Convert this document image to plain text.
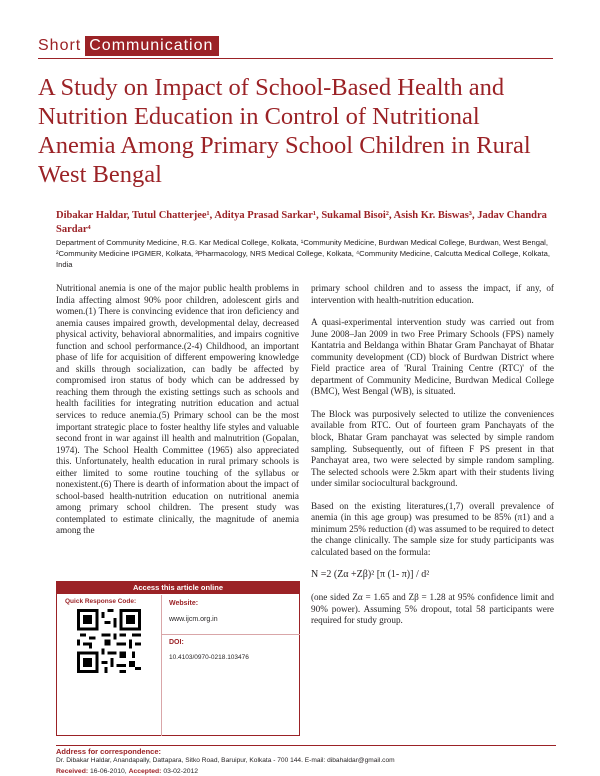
Short Communication
A Study on Impact of School-Based Health and Nutrition Education in Control of Nutritional Anemia Among Primary School Children in Rural West Bengal
Dibakar Haldar, Tutul Chatterjee¹, Aditya Prasad Sarkar¹, Sukamal Bisoi², Asish Kr. Biswas³, Jadav Chandra Sardar⁴
Department of Community Medicine, R.G. Kar Medical College, Kolkata, ¹Community Medicine, Burdwan Medical College, Burdwan, West Bengal, ²Community Medicine IPGMER, Kolkata, ³Pharmacology, NRS Medical College, Kolkata, ⁴Community Medicine, Calcutta Medical College, Kolkata, India

Nutritional anemia is one of the major public health problems in India affecting almost 90% poor children, adolescent girls and women.(1) There is convincing evidence that iron deficiency and anemia causes impaired growth, developmental delay, decreased physical activity, behavioral abnormalities, and impairs cognitive function and school performance.(2-4) Childhood, an important phase of life for acquisition of different empowering knowledge and skills through socialization, can badly be affected by compromised iron status of body which can be addressed by reaching them through the existing settings such as schools and health facilities for integrating nutrition education and actual services to reduce anemia.(5) Primary school can be the most important strategic place to foster healthy life styles and valuable second front in war against ill health and malnutrition (Gopalan, 1974). The School Health Committee (1965) also appreciated this. Unfortunately, health education in rural primary schools is either limited to some routine touching of the syllabus or nonexistent.(6) There is dearth of information about the impact of school-based health-nutrition education on nutritional anemia among primary school children. The present study was contemplated to estimate clinically, the magnitude of anemia among the

primary school children and to assess the impact, if any, of intervention with health-nutrition education.

A quasi-experimental intervention study was carried out from June 2008–Jan 2009 in two Free Primary Schools (FPS) namely Kantatria and Beldanga within Bhatar Gram Panchayat of Bhatar community development (CD) block of Burdwan District where Field practice area of 'Rural Training Centre (RTC)' of the department of Community Medicine, Burdwan Medical College (BMC), West Bengal (WB), is situated.

The Block was purposively selected to utilize the conveniences available from RTC. Out of fourteen gram Panchayats of the block, Bhatar Gram panchayat was selected by simple random sampling. Subsequently, out of fifteen F PS present in that Panchayat area, two were selected by simple random sampling. The selected schools were 2.5km apart with their students living under similar sociocultural background.

Based on the existing literatures,(1,7) overall prevalence of anemia (in this age group) was presumed to be 85% (π1) and a minimum 25% reduction (d) was assumed to be required to detect the change clinically. The sample size for study participants was calculated based on the formula:

N =2 (Zα +Zβ)² [π (1- π)] / d²

(one sided Zα = 1.65 and Zβ = 1.28 at 95% confidence limit and 90% power). Assuming 5% dropout, total 58 participants were required for study group.

Access this article online
Quick Response Code:	Website:
www.ijcm.org.in
DOI:
10.4103/0970-0218.103476
Address for correspondence:
Dr. Dibakar Haldar, Anandapally, Dattapara, Sitko Road, Baruipur, Kolkata - 700 144. E-mail: dibahaldar@gmail.com
Received: 16-06-2010, Accepted: 03-02-2012
